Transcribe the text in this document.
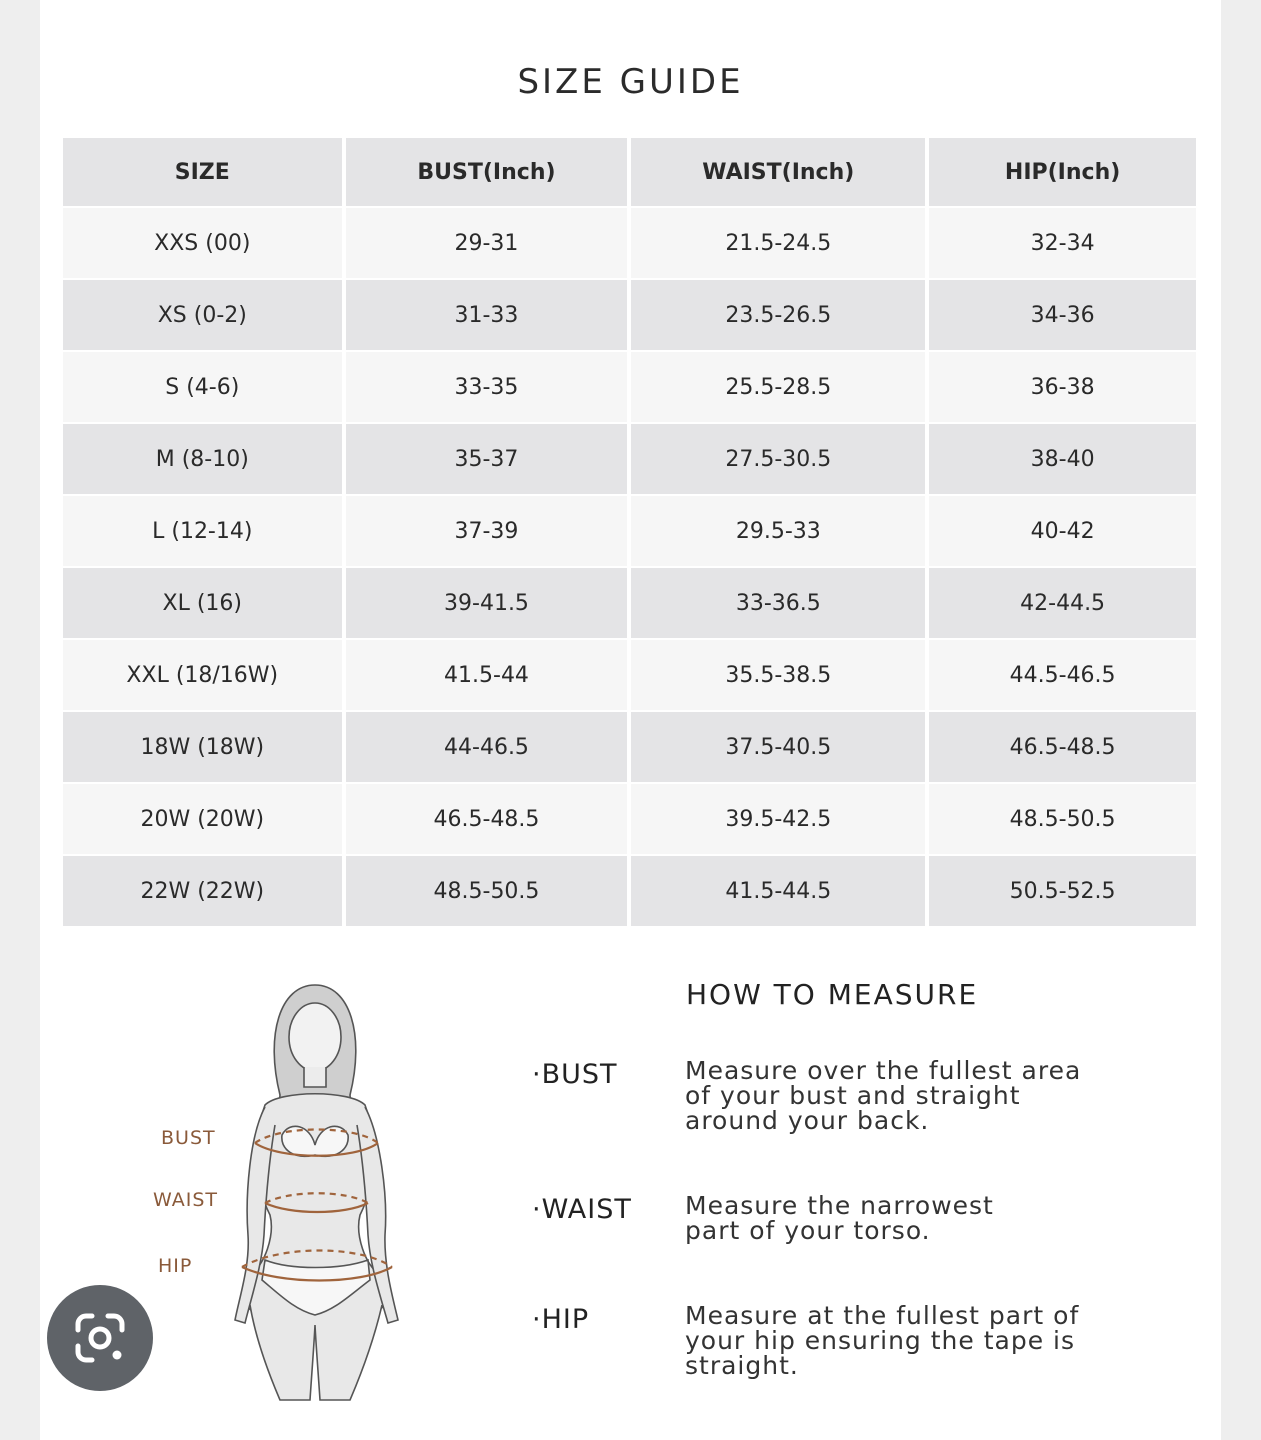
SIZE GUIDE
SIZE	BUST(Inch)	WAIST(Inch)	HIP(Inch)
XXS (00)	29-31	21.5-24.5	32-34
XS (0-2)	31-33	23.5-26.5	34-36
S (4-6)	33-35	25.5-28.5	36-38
M (8-10)	35-37	27.5-30.5	38-40
L (12-14)	37-39	29.5-33	40-42
XL (16)	39-41.5	33-36.5	42-44.5
XXL (18/16W)	41.5-44	35.5-38.5	44.5-46.5
18W (18W)	44-46.5	37.5-40.5	46.5-48.5
20W (20W)	46.5-48.5	39.5-42.5	48.5-50.5
22W (22W)	48.5-50.5	41.5-44.5	50.5-52.5
BUST
WAIST
HIP
HOW TO MEASURE
·BUST	Measure over the fullest area
of your bust and straight
around your back.
·WAIST Measure the narrowest
part of your torso.
·HIP	Measure at the fullest part of
your hip ensuring the tape is
straight.
